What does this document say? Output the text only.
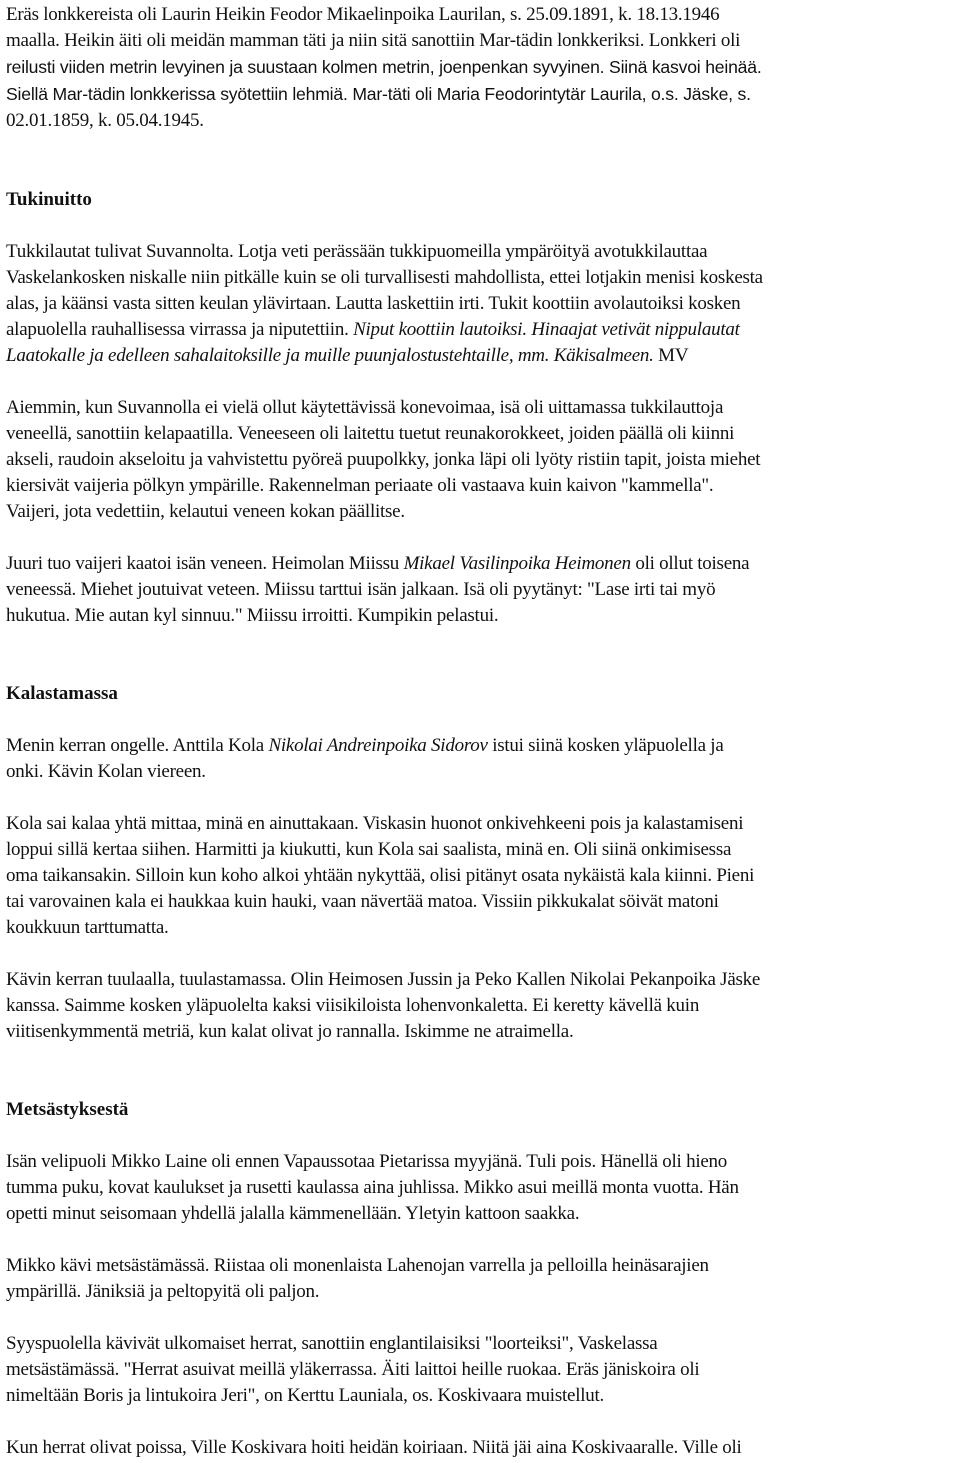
Eräs lonkkereista oli Laurin Heikin Feodor Mikaelinpoika Laurilan, s. 25.09.1891, k. 18.13.1946
maalla. Heikin äiti oli meidän mamman täti ja niin sitä sanottiin Mar-tädin lonkkeriksi. Lonkkeri oli
reilusti viiden metrin levyinen ja suustaan kolmen metrin, joenpenkan syvyinen. Siinä kasvoi heinää.
Siellä Mar-tädin lonkkerissa syötettiin lehmiä. Mar-täti oli Maria Feodorintytär Laurila, o.s. Jäske, s.
02.01.1859, k. 05.04.1945.

Tukinuitto

Tukkilautat tulivat Suvannolta. Lotja veti perässään tukkipuomeilla ympäröityä avotukkilauttaa
Vaskelankosken niskalle niin pitkälle kuin se oli turvallisesti mahdollista, ettei lotjakin menisi koskesta
alas, ja käänsi vasta sitten keulan ylävirtaan. Lautta laskettiin irti. Tukit koottiin avolautoiksi kosken
alapuolella rauhallisessa virrassa ja niputettiin. Niput koottiin lautoiksi. Hinaajat vetivät nippulautat
Laatokalle ja edelleen sahalaitoksille ja muille puunjalostustehtaille, mm. Käkisalmeen. MV

Aiemmin, kun Suvannolla ei vielä ollut käytettävissä konevoimaa, isä oli uittamassa tukkilauttoja
veneellä, sanottiin kelapaatilla. Veneeseen oli laitettu tuetut reunakorokkeet, joiden päällä oli kiinni
akseli, raudoin akselоitu ja vahvistettu pyöreä puupolkky, jonka läpi oli lyöty ristiin tapit, joista miehet
kiersivät vaijeria pölkyn ympärille. Rakennelman periaate oli vastaava kuin kaivon "kammella".
Vaijeri, jota vedettiin, kelautui veneen kokan päällitse.

Juuri tuo vaijeri kaatoi isän veneen. Heimolan Miissu Mikael Vasilinpoika Heimonen oli ollut toisena
veneessä. Miehet joutuivat veteen. Miissu tarttui isän jalkaan. Isä oli pyytänyt: "Lase irti tai myö
hukutua. Mie autan kyl sinnuu." Miissu irroitti. Kumpikin pelastui.

Kalastamassa

Menin kerran ongelle. Anttila Kola Nikolai Andreinpoika Sidorov istui siinä kosken yläpuolella ja
onki. Kävin Kolan viereen.

Kola sai kalaa yhtä mittaa, minä en ainuttakaan. Viskasin huonot onkivehkeeni pois ja kalastamiseni
loppui sillä kertaa siihen. Harmitti ja kiukutti, kun Kola sai saalista, minä en. Oli siinä onkimisessa
oma taikansakin. Silloin kun koho alkoi yhtään nykyttää, olisi pitänyt osata nykäistä kala kiinni. Pieni
tai varovainen kala ei haukkaa kuin hauki, vaan nävertää matoa. Vissiin pikkukalat söivät matoni
koukkuun tarttumatta.

Kävin kerran tuulaalla, tuulastamassa. Olin Heimosen Jussin ja Peko Kallen Nikolai Pekanpoika Jäske
kanssa. Saimme kosken yläpuolelta kaksi viisikiloista lohenvonkaletta. Ei keretty kävellä kuin
viitisenkymmentä metriä, kun kalat olivat jo rannalla. Iskimme ne atraimella.

Metsästyksestä

Isän velipuoli Mikko Laine oli ennen Vapaussotaa Pietarissa myyjänä. Tuli pois. Hänellä oli hieno
tumma puku, kovat kaulukset ja rusetti kaulassa aina juhlissa. Mikko asui meillä monta vuotta. Hän
opetti minut seisomaan yhdellä jalalla kämmenellään. Yletyin kattoon saakka.

Mikko kävi metsästämässä. Riistaa oli monenlaista Lahenojan varrella ja pelloilla heinäsarajien
ympärillä. Jäniksiä ja peltopyitä oli paljon.

Syyspuolella kävivät ulkomaiset herrat, sanottiin englantilaisiksi "loorteiksi", Vaskelassa
metsästämässä. "Herrat asuivat meillä yläkerrassa. Äiti laittoi heille ruokaa. Eräs jäniskoira oli
nimeltään Boris ja lintukoira Jeri", on Kerttu Launiala, os. Koskivaara muistellut.

Kun herrat olivat poissa, Ville Koskivara hoiti heidän koiriaan. Niitä jäi aina Koskivaaralle. Ville oli
